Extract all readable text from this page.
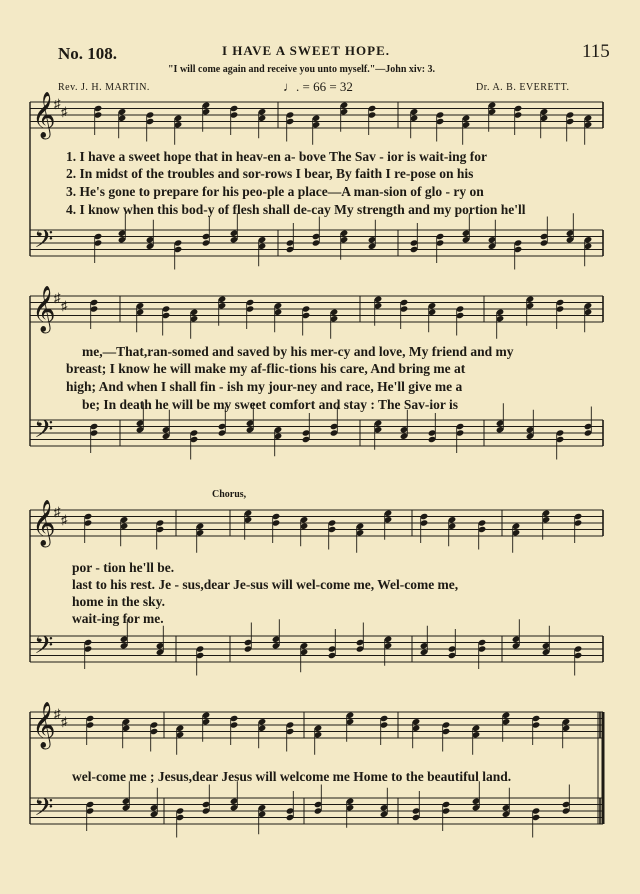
No. 108.	I HAVE A SWEET HOPE.	115
"I will come again and receive you unto myself."—John xiv: 3.
Rev. J. H. MARTIN.	♩. = 66 = 32	Dr. A. B. EVERETT.
Chorus,
𝄞
𝄢
♯
♯
𝄞
𝄢
♯
♯
𝄞
𝄢
♯
♯
𝄞
𝄢
♯
♯
1. I have a sweet hope that in heav-en a- bove The Sav - ior is wait-ing for
2. In midst of the troubles and sor-rows I bear, By faith I re-pose on his
3. He's gone to prepare for his peo-ple a place—A man-sion of glo - ry on
4. I know when this bod-y of flesh shall de-cay My strength and my portion he'll
me,—That,ran-somed and saved by his mer-cy and love, My friend and my
breast; I know he will make my af-flic-tions his care, And bring me at
high; And when I shall fin - ish my jour-ney and race, He'll give me a
be; In death he will be my sweet comfort and stay : The Sav-ior is
por - tion he'll be.
last to his rest. Je - sus,dear Je-sus will wel-come me, Wel-come me,
home in the sky.
wait-ing for me.
wel-come me ; Jesus,dear Jesus will welcome me Home to the beautiful land.
